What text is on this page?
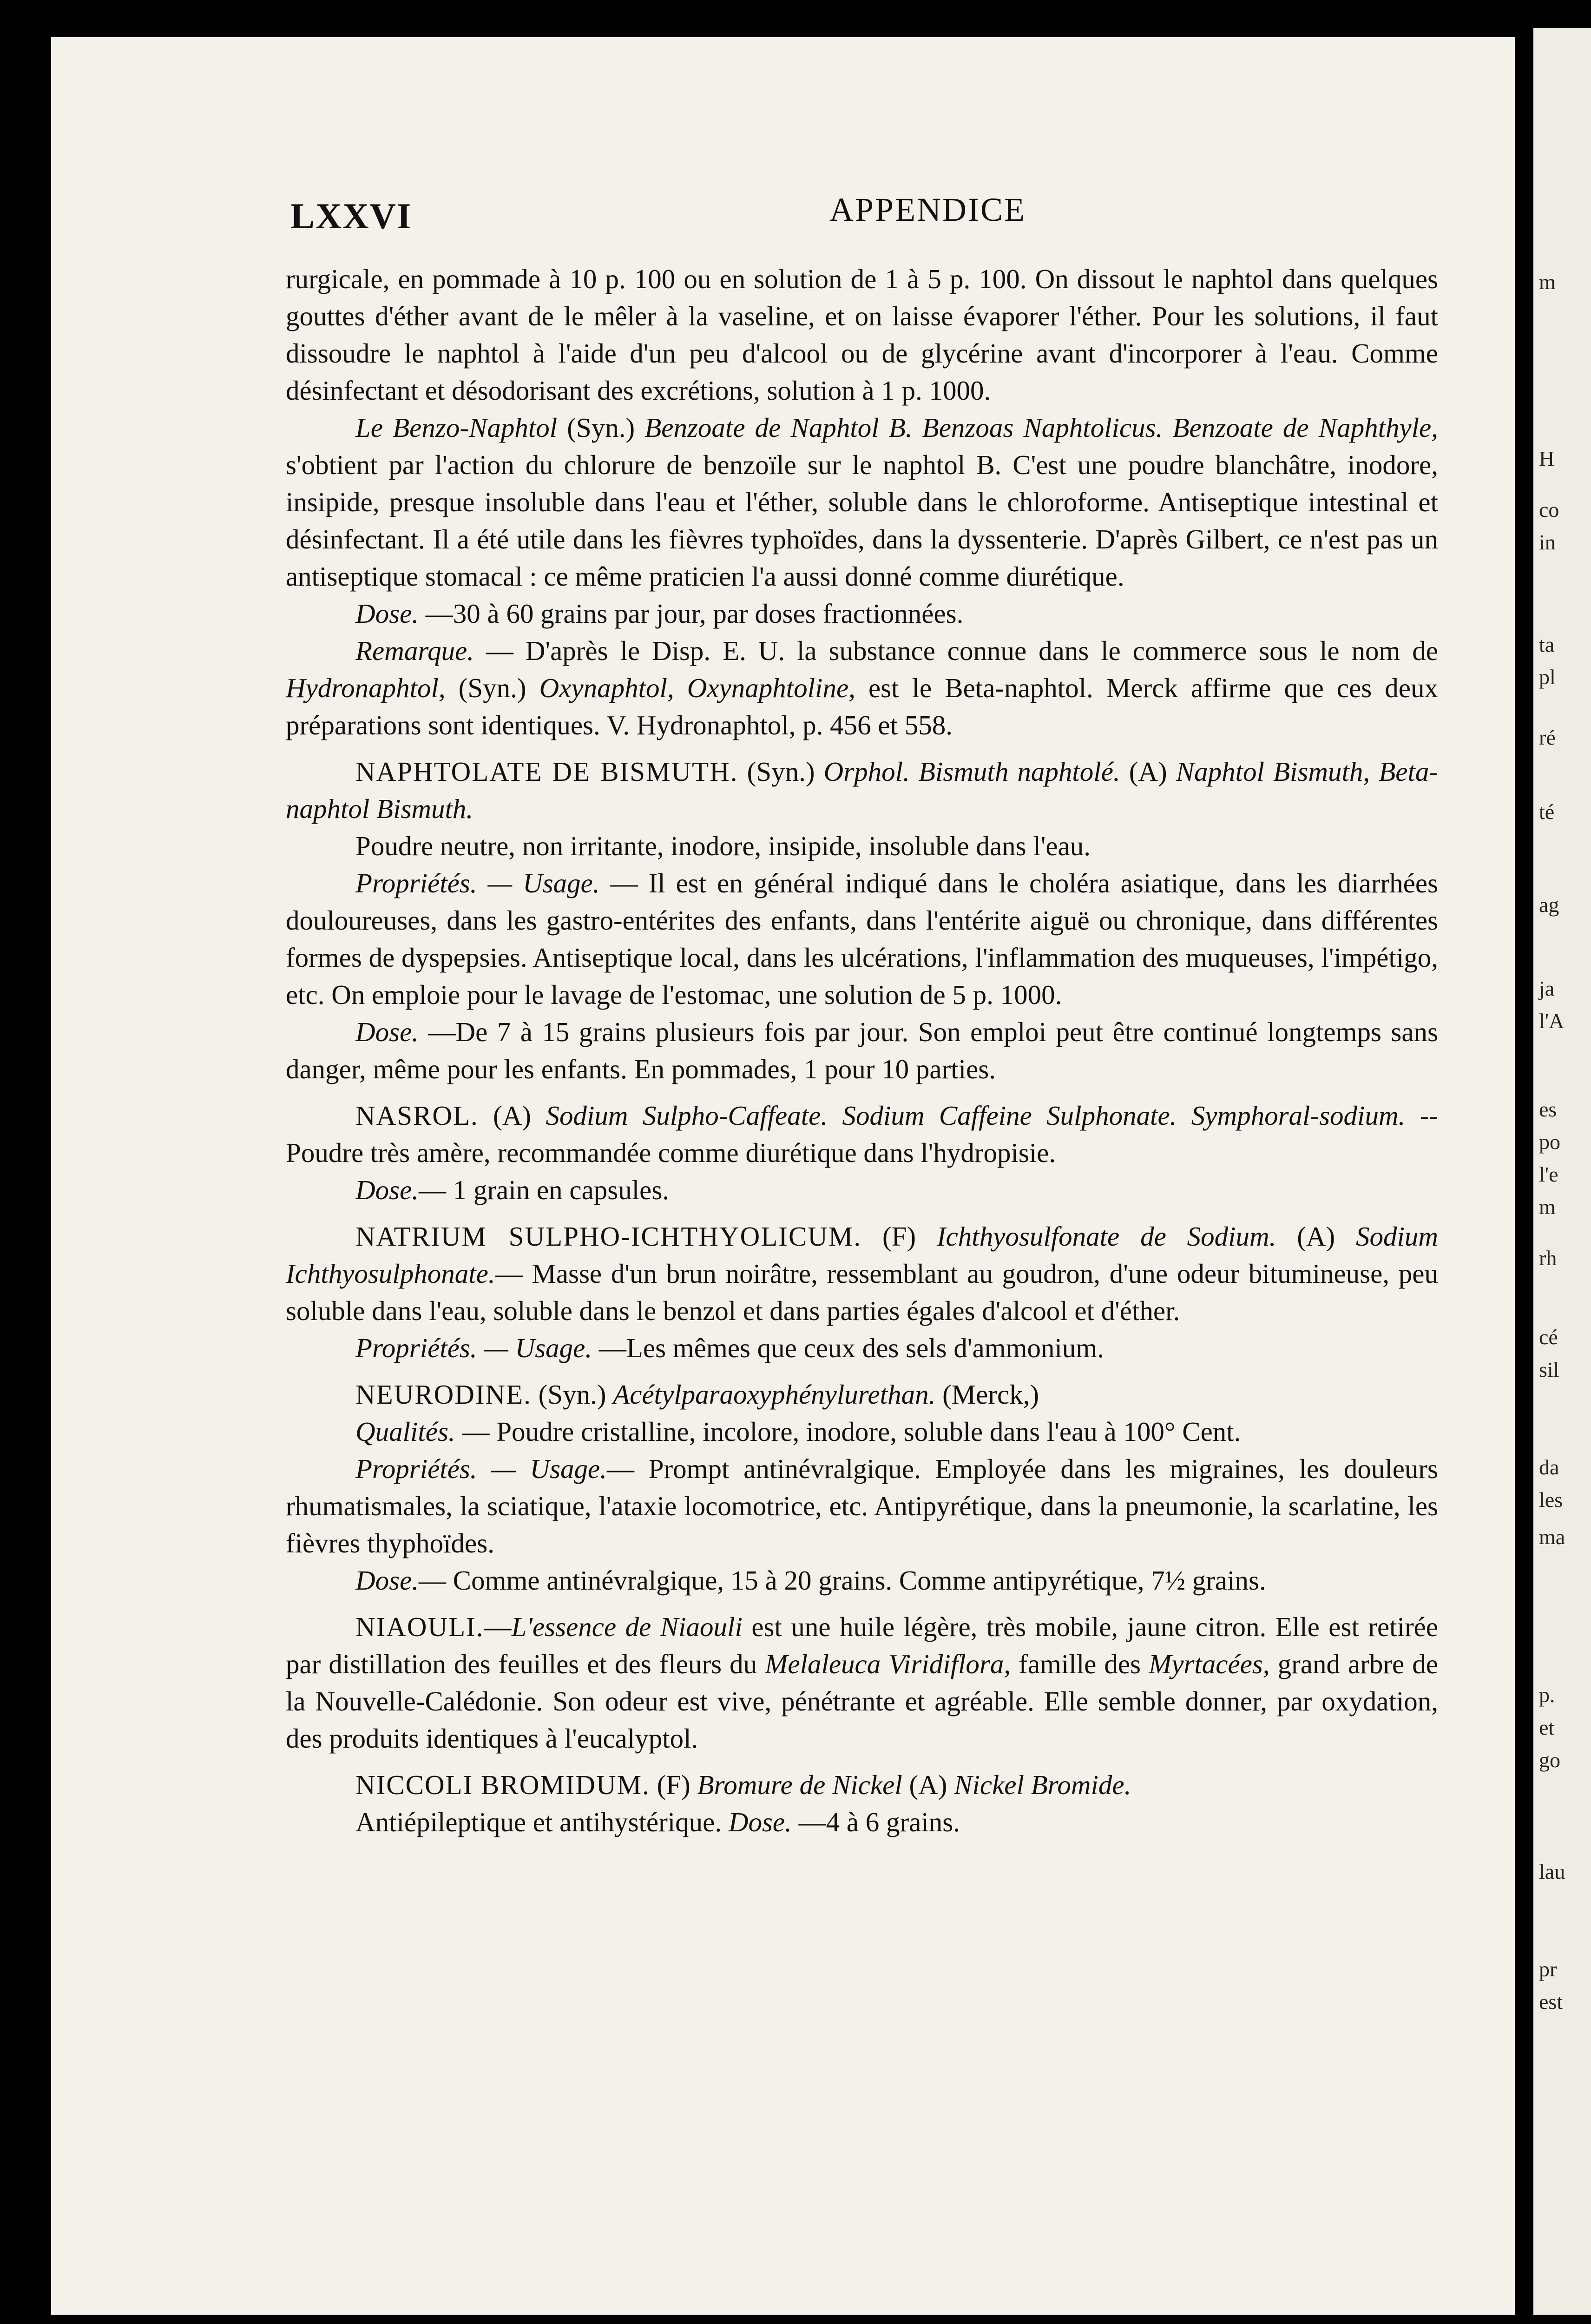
LXXVI	APPENDICE

rurgicale, en pommade à 10 p. 100 ou en solution de 1 à 5 p. 100. On dissout le naphtol dans quelques gouttes d'éther avant de le mêler à la vaseline, et on laisse évaporer l'éther. Pour les solutions, il faut dissoudre le naphtol à l'aide d'un peu d'alcool ou de glycérine avant d'incorporer à l'eau. Comme désinfectant et désodorisant des excrétions, solution à 1 p. 1000.

Le Benzo-Naphtol (Syn.) Benzoate de Naphtol B. Benzoas Naphtolicus. Benzoate de Naphthyle, s'obtient par l'action du chlorure de benzoïle sur le naphtol B. C'est une poudre blanchâtre, inodore, insipide, presque insoluble dans l'eau et l'éther, soluble dans le chloroforme. Antiseptique intestinal et désinfectant. Il a été utile dans les fièvres typhoïdes, dans la dyssenterie. D'après Gilbert, ce n'est pas un antiseptique stomacal : ce même praticien l'a aussi donné comme diurétique.

Dose. —30 à 60 grains par jour, par doses fractionnées.

Remarque. — D'après le Disp. E. U. la substance connue dans le commerce sous le nom de Hydronaphtol, (Syn.) Oxynaphtol, Oxynaphtoline, est le Beta-naphtol. Merck affirme que ces deux préparations sont identiques. V. Hydronaphtol, p. 456 et 558.

NAPHTOLATE DE BISMUTH. (Syn.) Orphol. Bismuth naphtolé. (A) Naphtol Bismuth, Beta-naphtol Bismuth.

Poudre neutre, non irritante, inodore, insipide, insoluble dans l'eau.

Propriétés. — Usage. — Il est en général indiqué dans le choléra asiatique, dans les diarrhées douloureuses, dans les gastro-entérites des enfants, dans l'entérite aiguë ou chronique, dans différentes formes de dyspepsies. Antiseptique local, dans les ulcérations, l'inflammation des muqueuses, l'impétigo, etc. On emploie pour le lavage de l'estomac, une solution de 5 p. 1000.

Dose. —De 7 à 15 grains plusieurs fois par jour. Son emploi peut être continué longtemps sans danger, même pour les enfants. En pommades, 1 pour 10 parties.

NASROL. (A) Sodium Sulpho-Caffeate. Sodium Caffeine Sulphonate. Symphoral-sodium. -- Poudre très amère, recommandée comme diurétique dans l'hydropisie.

Dose.— 1 grain en capsules.

NATRIUM SULPHO-ICHTHYOLICUM. (F) Ichthyosulfonate de Sodium. (A) Sodium Ichthyosulphonate.— Masse d'un brun noirâtre, ressemblant au goudron, d'une odeur bitumineuse, peu soluble dans l'eau, soluble dans le benzol et dans parties égales d'alcool et d'éther.

Propriétés. — Usage. —Les mêmes que ceux des sels d'ammonium.

NEURODINE. (Syn.) Acétylparaoxyphénylurethan. (Merck,)

Qualités. — Poudre cristalline, incolore, inodore, soluble dans l'eau à 100° Cent.

Propriétés. — Usage.— Prompt antinévralgique. Employée dans les migraines, les douleurs rhumatismales, la sciatique, l'ataxie locomotrice, etc. Antipyrétique, dans la pneumonie, la scarlatine, les fièvres thyphoïdes.

Dose.— Comme antinévralgique, 15 à 20 grains. Comme antipyrétique, 7½ grains.

NIAOULI.—L'essence de Niaouli est une huile légère, très mobile, jaune citron. Elle est retirée par distillation des feuilles et des fleurs du Melaleuca Viridiflora, famille des Myrtacées, grand arbre de la Nouvelle-Calédonie. Son odeur est vive, pénétrante et agréable. Elle semble donner, par oxydation, des produits identiques à l'eucalyptol.

NICCOLI BROMIDUM. (F) Bromure de Nickel (A) Nickel Bromide.

Antiépileptique et antihystérique. Dose. —4 à 6 grains.

m
H
co
in
ta
pl
ré
té
ag
ja
l'A
es
po
l'e
m
rh
cé
sil
da
les
ma
p.
et
go
lau
pr
est
